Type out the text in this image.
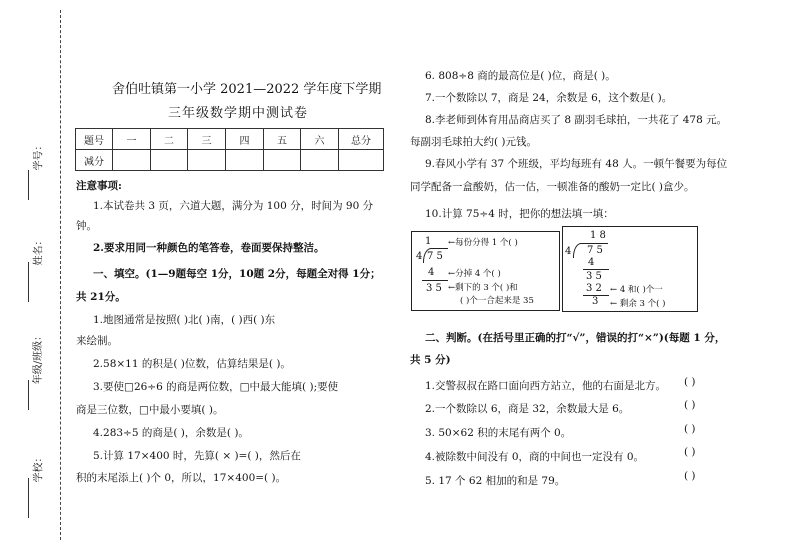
学号：
姓名：
年级/班级：
学校：
舍伯吐镇第一小学 2021—2022 学年度下学期
三年级数学期中测试卷
题号	一	二	三	四	五	六	总分
减分							
注意事项:
1.本试卷共 3 页，六道大题，满分为 100 分，时间为 90 分
钟。
2.要求用同一种颜色的笔答卷，卷面要保持整洁。
一、填空。(1—9题每空 1分，10题 2分，每题全对得 1分；
共 21分。
1.地图通常是按照( )北( )南，( )西( )东
来绘制。
2.58×11 的积是( )位数，估算结果是( )。
3.要使□26÷6 的商是两位数，□中最大能填( );要使
商是三位数，□中最小要填( )。
4.283÷5 的商是( )，余数是( )。
5.计算 17×400 时，先算( × )=( )，然后在
积的末尾添上( )个 0，所以，17×400=( )。
6. 808÷8 商的最高位是( )位，商是( )。
7.一个数除以 7，商是 24，余数是 6，这个数是( )。
8.李老师到体育用品商店买了 8 副羽毛球拍，一共花了 478 元。
每副羽毛球拍大约( )元钱。
9.春风小学有 37 个班级，平均每班有 48 人。一顿午餐要为每位
同学配备一盒酸奶，估一估，一顿准备的酸奶一定比( )盒少。
10.计算 75÷4 时，把你的想法填一填：
1
4 7 5
4
3 5
←每份分得 1 个( )
←分掉 4 个( )
←剩下的 3 个( )和
( )个一合起来是 35
1 8
4 7 5
4
3 5
3 2
3
← 4 和( )个一
← 剩余 3 个( )
二、判断。(在括号里正确的打“√”，错误的打“×”)(每题 1 分，
共 5 分)
1.交警叔叔在路口面向西方站立，他的右面是北方。 ( )
2.一个数除以 6，商是 32，余数最大是 6。	( )
3. 50×62 积的末尾有两个 0。	( )
4.被除数中间没有 0，商的中间也一定没有 0。	( )
5. 17 个 62 相加的和是 79。	( )
